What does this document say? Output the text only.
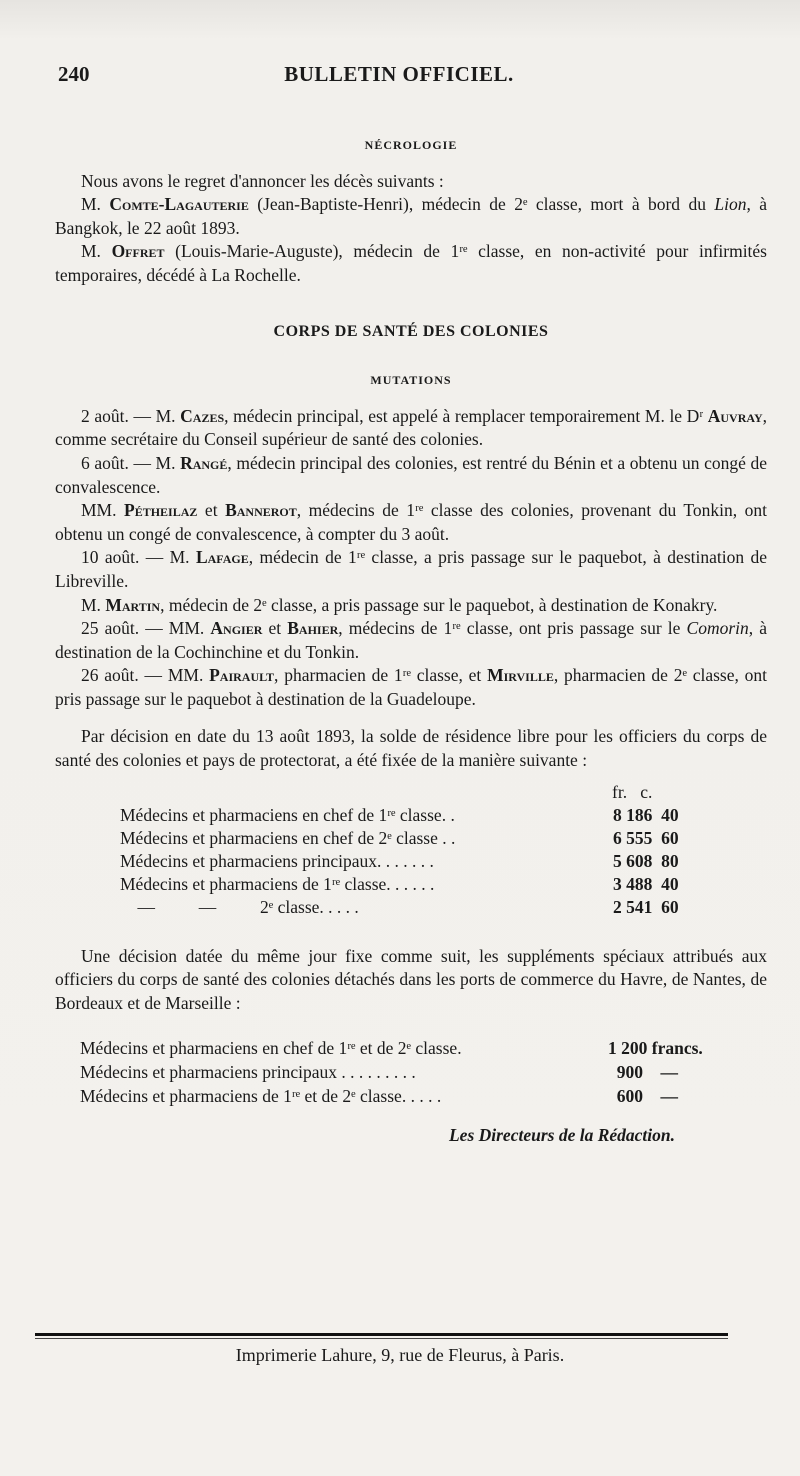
240	BULLETIN OFFICIEL.
NÉCROLOGIE

Nous avons le regret d'annoncer les décès suivants :

M. Comte-Lagauterie (Jean-Baptiste-Henri), médecin de 2ᵉ classe, mort à bord du Lion, à Bangkok, le 22 août 1893.

M. Offret (Louis-Marie-Auguste), médecin de 1ʳᵉ classe, en non-activité pour infirmités temporaires, décédé à La Rochelle.

CORPS DE SANTÉ DES COLONIES
MUTATIONS

2 août. — M. Cazes, médecin principal, est appelé à remplacer temporairement M. le Dʳ Auvray, comme secrétaire du Conseil supérieur de santé des colonies.

6 août. — M. Rangé, médecin principal des colonies, est rentré du Bénin et a obtenu un congé de convalescence.

MM. Pétheilaz et Bannerot, médecins de 1ʳᵉ classe des colonies, provenant du Tonkin, ont obtenu un congé de convalescence, à compter du 3 août.

10 août. — M. Lafage, médecin de 1ʳᵉ classe, a pris passage sur le paquebot, à destination de Libreville.

M. Martin, médecin de 2ᵉ classe, a pris passage sur le paquebot, à destination de Konakry.

25 août. — MM. Angier et Bahier, médecins de 1ʳᵉ classe, ont pris passage sur le Comorin, à destination de la Cochinchine et du Tonkin.

26 août. — MM. Pairault, pharmacien de 1ʳᵉ classe, et Mirville, pharmacien de 2ᵉ classe, ont pris passage sur le paquebot à destination de la Guadeloupe.

Par décision en date du 13 août 1893, la solde de résidence libre pour les officiers du corps de santé des colonies et pays de protectorat, a été fixée de la manière suivante :

fr.   c.
Médecins et pharmaciens en chef de 1ʳᵉ classe. .	8 186  40
Médecins et pharmaciens en chef de 2ᵉ classe . .	6 555  60
Médecins et pharmaciens principaux. . . . . . .	5 608  80
Médecins et pharmaciens de 1ʳᵉ classe. . . . . .	3 488  40
—          —          2ᵉ classe. . . . .	2 541  60

Une décision datée du même jour fixe comme suit, les suppléments spéciaux attribués aux officiers du corps de santé des colonies détachés dans les ports de commerce du Havre, de Nantes, de Bordeaux et de Marseille :

Médecins et pharmaciens en chef de 1ʳᵉ et de 2ᵉ classe.	1 200 francs.
Médecins et pharmaciens principaux . . . . . . . . .	900    —
Médecins et pharmaciens de 1ʳᵉ et de 2ᵉ classe. . . . .	600    —
Les Directeurs de la Rédaction.
Imprimerie Lahure, 9, rue de Fleurus, à Paris.
